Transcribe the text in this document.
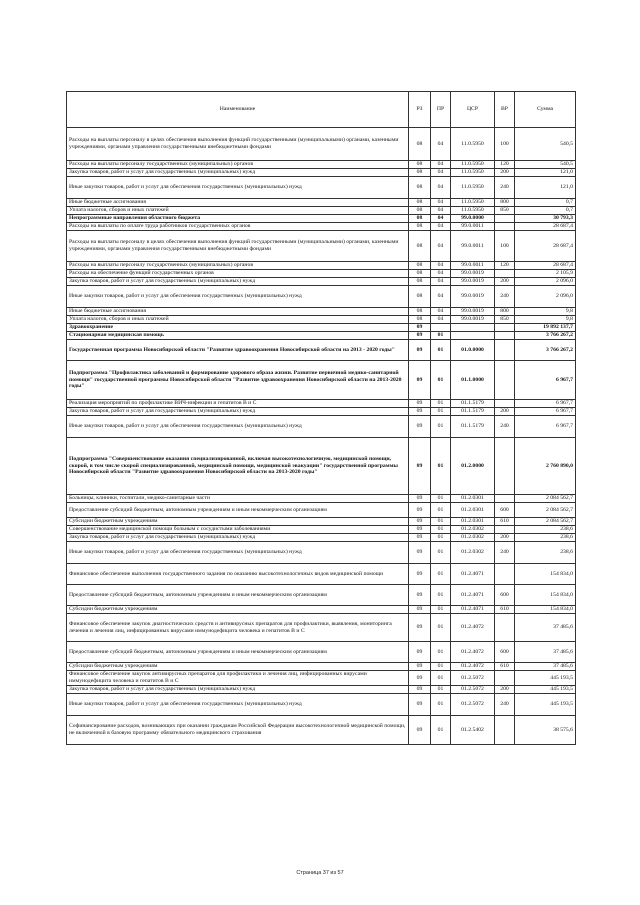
Наименование	РЗ	ПР	ЦСР	ВР	Сумма
Расходы на выплаты персоналу в целях обеспечения выполнения функций государственными (муниципальными) органами, казенными учреждениями, органами управления государственными внебюджетными фондами	08	04	11.0.5950	100	540,5
Расходы на выплаты персоналу государственных (муниципальных) органов	08	04	11.0.5950	120	540,5
Закупка товаров, работ и услуг для государственных (муниципальных) нужд	08	04	11.0.5950	200	121,0
Иные закупки товаров, работ и услуг для обеспечения государственных (муниципальных) нужд	08	04	11.0.5950	240	121,0
Иные бюджетные ассигнования	08	04	11.0.5950	800	0,7
Уплата налогов, сборов и иных платежей	08	04	11.0.5950	850	0,7
Непрограммные направления областного бюджета	08	04	99.0.0000		30 793,3
Расходы на выплаты по оплате труда работников государственных органов	08	04	99.0.0011		28 687,4
Расходы на выплаты персоналу в целях обеспечения выполнения функций государственными (муниципальными) органами, казенными учреждениями, органами управления государственными внебюджетными фондами	08	04	99.0.0011	100	28 687,4
Расходы на выплаты персоналу государственных (муниципальных) органов	08	04	99.0.0011	120	28 687,4
Расходы на обеспечение функций государственных органов	08	04	99.0.0019		2 105,9
Закупка товаров, работ и услуг для государственных (муниципальных) нужд	08	04	99.0.0019	200	2 096,0
Иные закупки товаров, работ и услуг для обеспечения государственных (муниципальных) нужд	08	04	99.0.0019	240	2 096,0
Иные бюджетные ассигнования	08	04	99.0.0019	800	9,8
Уплата налогов, сборов и иных платежей	08	04	99.0.0019	850	9,8
Здравоохранение	09				19 892 137,7
Стационарная медицинская помощь	09	01			3 766 267,2
Государственная программа Новосибирской области "Развитие здравоохранения Новосибирской области на 2013 - 2020 годы"	09	01	01.0.0000		3 766 267,2
Подпрограмма "Профилактика заболеваний и формирование здорового образа жизни. Развитие первичной медико-санитарной помощи" государственной программы Новосибирской области "Развитие здравоохранения Новосибирской области на 2013-2020 годы"	09	01	01.1.0000		6 967,7
Реализация мероприятий по профилактике ВИЧ-инфекции и гепатитов В и С	09	01	01.1.5179		6 967,7
Закупка товаров, работ и услуг для государственных (муниципальных) нужд	09	01	01.1.5179	200	6 967,7
Иные закупки товаров, работ и услуг для обеспечения государственных (муниципальных) нужд	09	01	01.1.5179	240	6 967,7
Подпрограмма "Совершенствование оказания специализированной, включая высокотехнологичную, медицинской помощи, скорой, в том числе скорой специализированной, медицинской помощи, медицинской эвакуации" государственной программы Новосибирской области "Развитие здравоохранения Новосибирской области на 2013-2020 годы"	09	01	01.2.0000		2 760 890,0
Больницы, клиники, госпитали, медико-санитарные части	09	01	01.2.0301		2 084 562,7
Предоставление субсидий бюджетным, автономным учреждениям и иным некоммерческим организациям	09	01	01.2.0301	600	2 084 562,7
Субсидии бюджетным учреждениям	09	01	01.2.0301	610	2 084 562,7
Совершенствование медицинской помощи больным с сосудистыми заболеваниями	09	01	01.2.0302		238,6
Закупка товаров, работ и услуг для государственных (муниципальных) нужд	09	01	01.2.0302	200	238,6
Иные закупки товаров, работ и услуг для обеспечения государственных (муниципальных) нужд	09	01	01.2.0302	240	238,6
Финансовое обеспечение выполнения государственного задания по оказанию высокотехнологичных видов медицинской помощи	09	01	01.2.4071		154 834,0
Предоставление субсидий бюджетным, автономным учреждениям и иным некоммерческим организациям	09	01	01.2.4071	600	154 834,0
Субсидии бюджетным учреждениям	09	01	01.2.4071	610	154 834,0
Финансовое обеспечение закупок диагностических средств и антивирусных препаратов для профилактики, выявления, мониторинга лечения и лечения лиц, инфицированных вирусами иммунодефицита человека и гепатитов В и С	09	01	01.2.4072		37 485,6
Предоставление субсидий бюджетным, автономным учреждениям и иным некоммерческим организациям	09	01	01.2.4072	600	37 485,6
Субсидии бюджетным учреждениям	09	01	01.2.4072	610	37 485,6
Финансовое обеспечение закупок антивирусных препаратов для профилактики и лечения лиц, инфицированных вирусами иммунодефицита человека и гепатитов В и С	09	01	01.2.5072		445 193,5
Закупка товаров, работ и услуг для государственных (муниципальных) нужд	09	01	01.2.5072	200	445 193,5
Иные закупки товаров, работ и услуг для обеспечения государственных (муниципальных) нужд	09	01	01.2.5072	240	445 193,5
Софинансирование расходов, возникающих при оказании гражданам Российской Федерации высокотехнологичной медицинской помощи, не включенной в базовую программу обязательного медицинского страхования	09	01	01.2.5402		38 575,6
Страница 37 из 57
